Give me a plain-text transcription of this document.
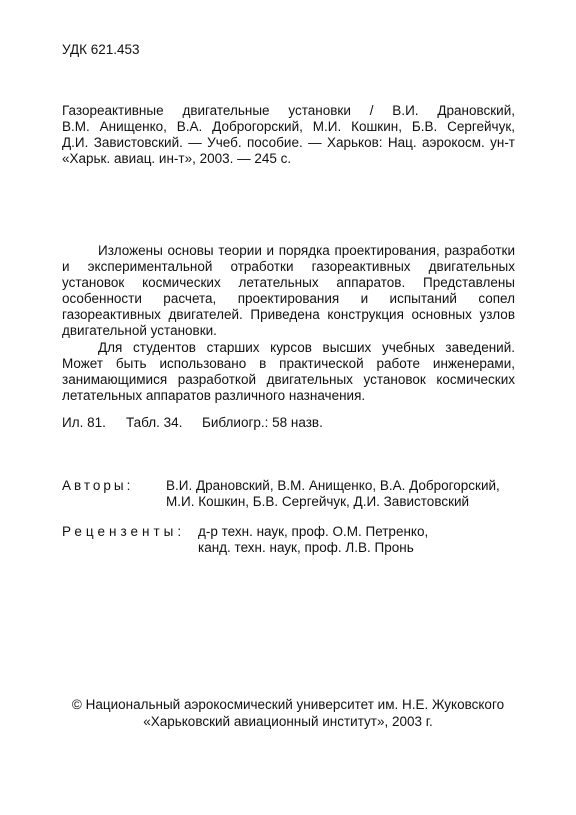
УДК 621.453
Газореактивные двигательные установки / В.И. Драновский,
В.М. Анищенко, В.А. Доброгорский, М.И. Кошкин, Б.В. Сергейчук,
Д.И. Завистовский. — Учеб. пособие. — Харьков: Нац. аэрокосм. ун-т
«Харьк. авиац. ин-т», 2003. — 245 с.
Изложены основы теории и порядка проектирования, разработки
и экспериментальной отработки газореактивных двигательных
установок космических летательных аппаратов. Представлены
особенности расчета, проектирования и испытаний сопел
газореактивных двигателей. Приведена конструкция основных узлов
двигательной установки.
Для студентов старших курсов высших учебных заведений.
Может быть использовано в практической работе инженерами,
занимающимися разработкой двигательных установок космических
летательных аппаратов различного назначения.
Ил. 81. Табл. 34. Библиогр.: 58 назв.
Авторы: В.И. Драновский, В.М. Анищенко, В.А. Доброгорский,
М.И. Кошкин, Б.В. Сергейчук, Д.И. Завистовский
Рецензенты: д-р техн. наук, проф. О.М. Петренко,
канд. техн. наук, проф. Л.В. Пронь
© Национальный аэрокосмический университет им. Н.Е. Жуковского
«Харьковский авиационный институт», 2003 г.
